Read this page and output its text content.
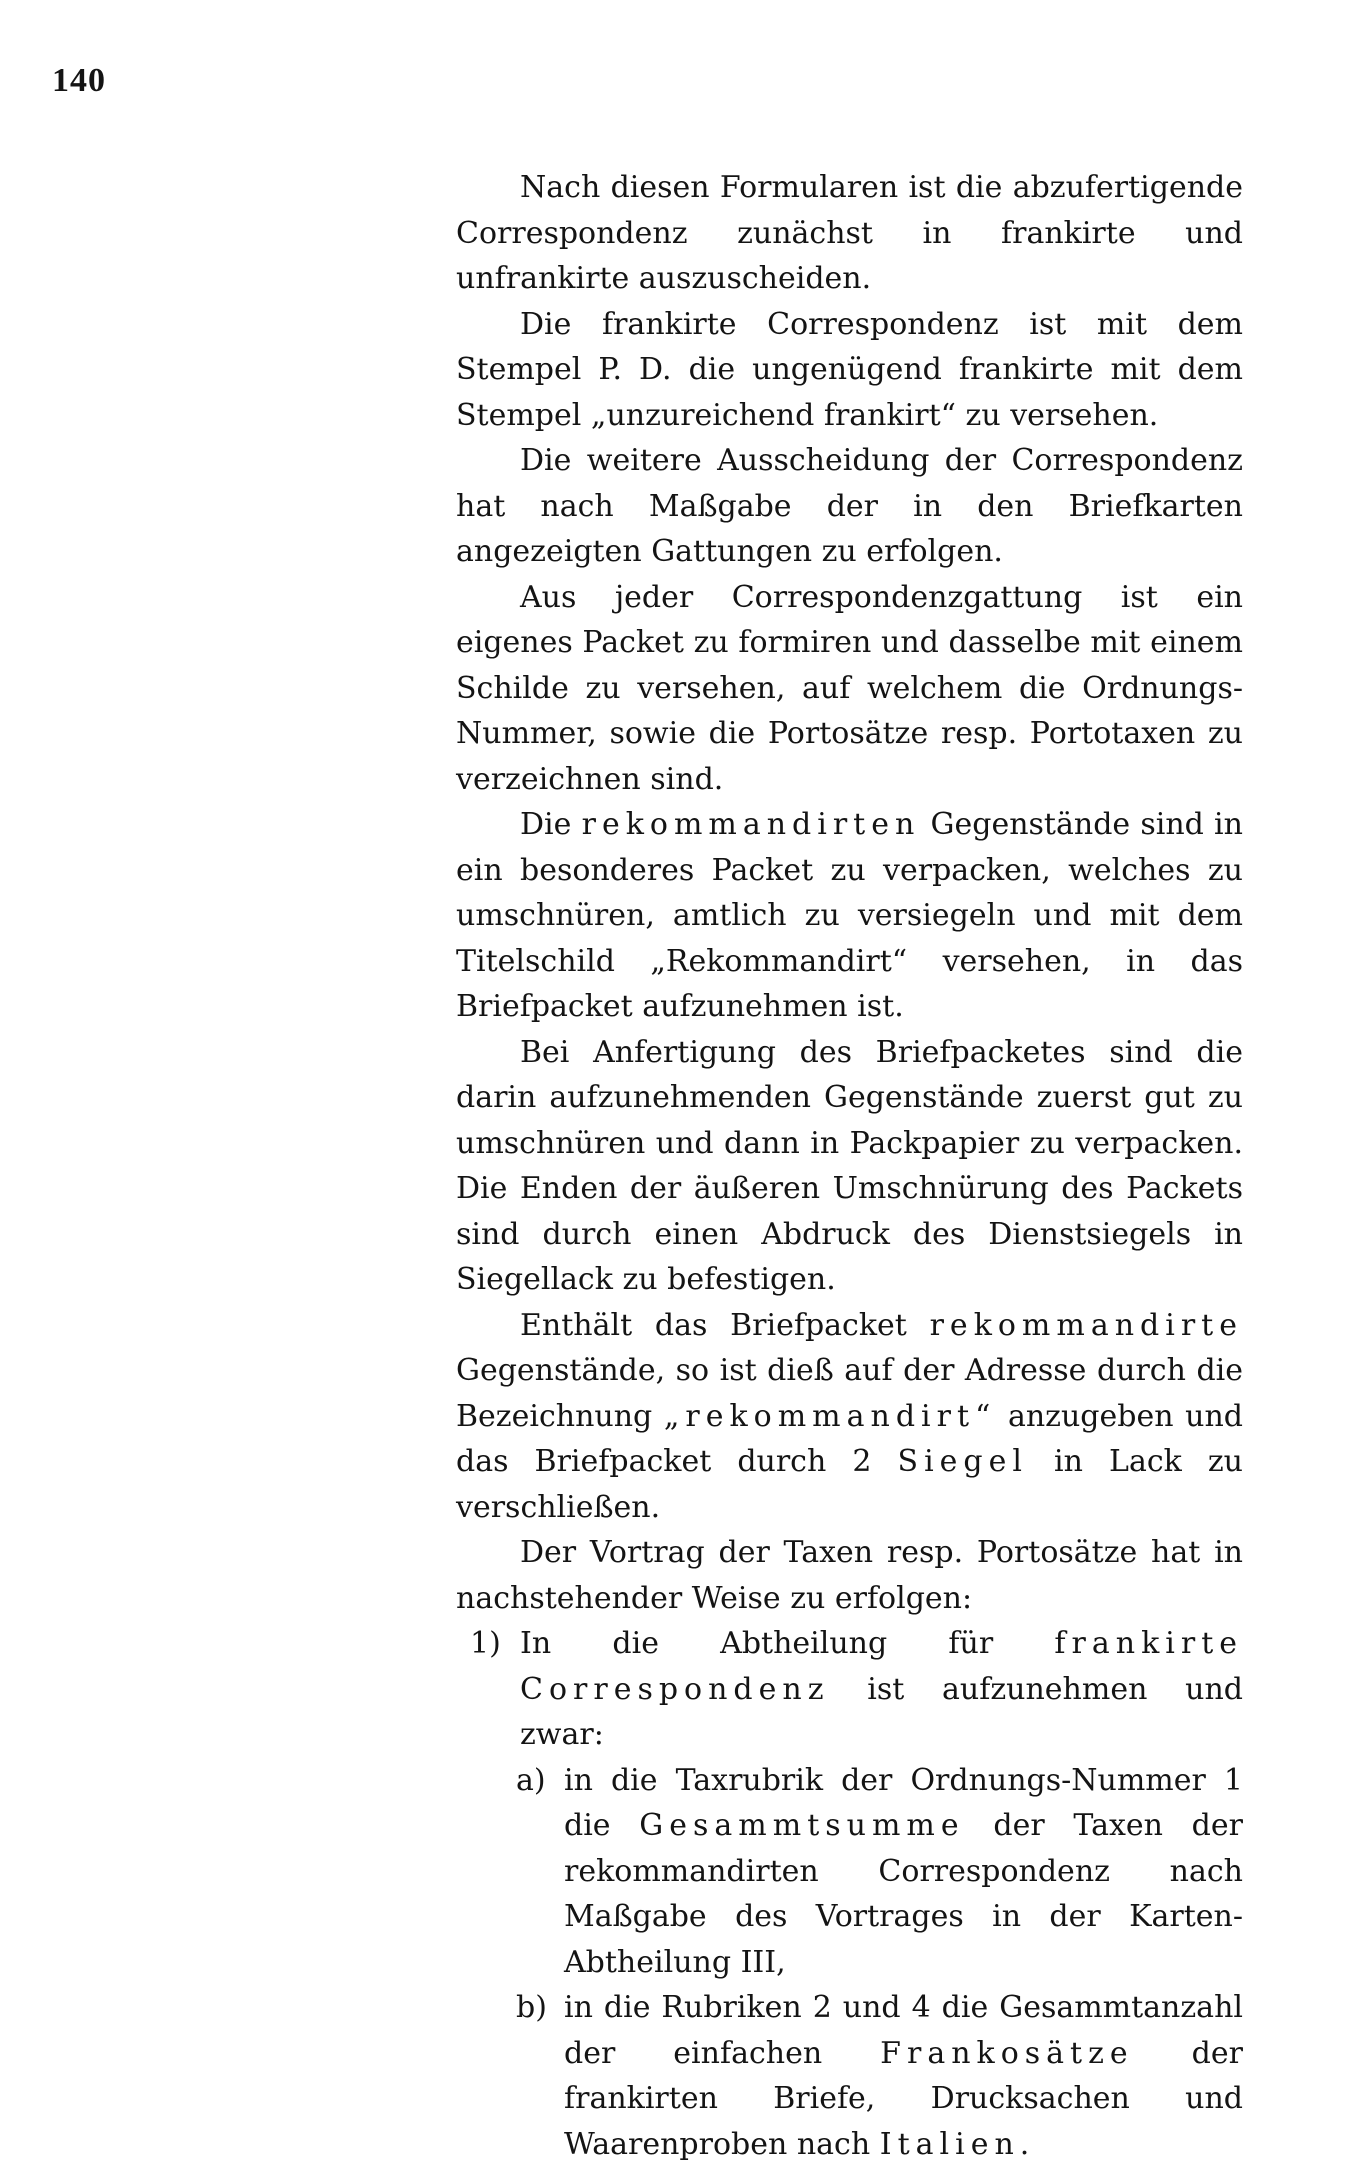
140

Nach diesen Formularen ist die abzufertigende Correspondenz zunächst in frankirte und unfrankirte auszuscheiden.

Die frankirte Correspondenz ist mit dem Stempel P. D. die ungenügend frankirte mit dem Stempel „unzureichend frankirt“ zu versehen.

Die weitere Ausscheidung der Correspondenz hat nach Maßgabe der in den Briefkarten angezeigten Gattungen zu erfolgen.

Aus jeder Correspondenzgattung ist ein eigenes Packet zu formiren und dasselbe mit einem Schilde zu versehen, auf welchem die Ordnungs-Nummer, sowie die Portosätze resp. Portotaxen zu verzeichnen sind.

Die rekommandirten Gegenstände sind in ein besonderes Packet zu verpacken, welches zu umschnüren, amtlich zu versiegeln und mit dem Titelschild „Rekommandirt“ versehen, in das Briefpacket aufzunehmen ist.

Bei Anfertigung des Briefpacketes sind die darin aufzunehmenden Gegenstände zuerst gut zu umschnüren und dann in Packpapier zu verpacken. Die Enden der äußeren Umschnürung des Packets sind durch einen Abdruck des Dienstsiegels in Siegellack zu befestigen.

Enthält das Briefpacket rekommandirte Gegenstände, so ist dieß auf der Adresse durch die Bezeichnung „rekommandirt“ anzugeben und das Briefpacket durch 2 Siegel in Lack zu verschließen.

Der Vortrag der Taxen resp. Portosätze hat in nachstehender Weise zu erfolgen:

1) In die Abtheilung für frankirte Correspondenz ist aufzunehmen und zwar:

a) in die Taxrubrik der Ordnungs-Nummer 1 die Gesammtsumme der Taxen der rekommandirten Correspondenz nach Maßgabe des Vortrages in der Karten-Abtheilung III,

b) in die Rubriken 2 und 4 die Gesammtanzahl der einfachen Frankosätze der frankirten Briefe, Drucksachen und Waarenproben nach Italien.
